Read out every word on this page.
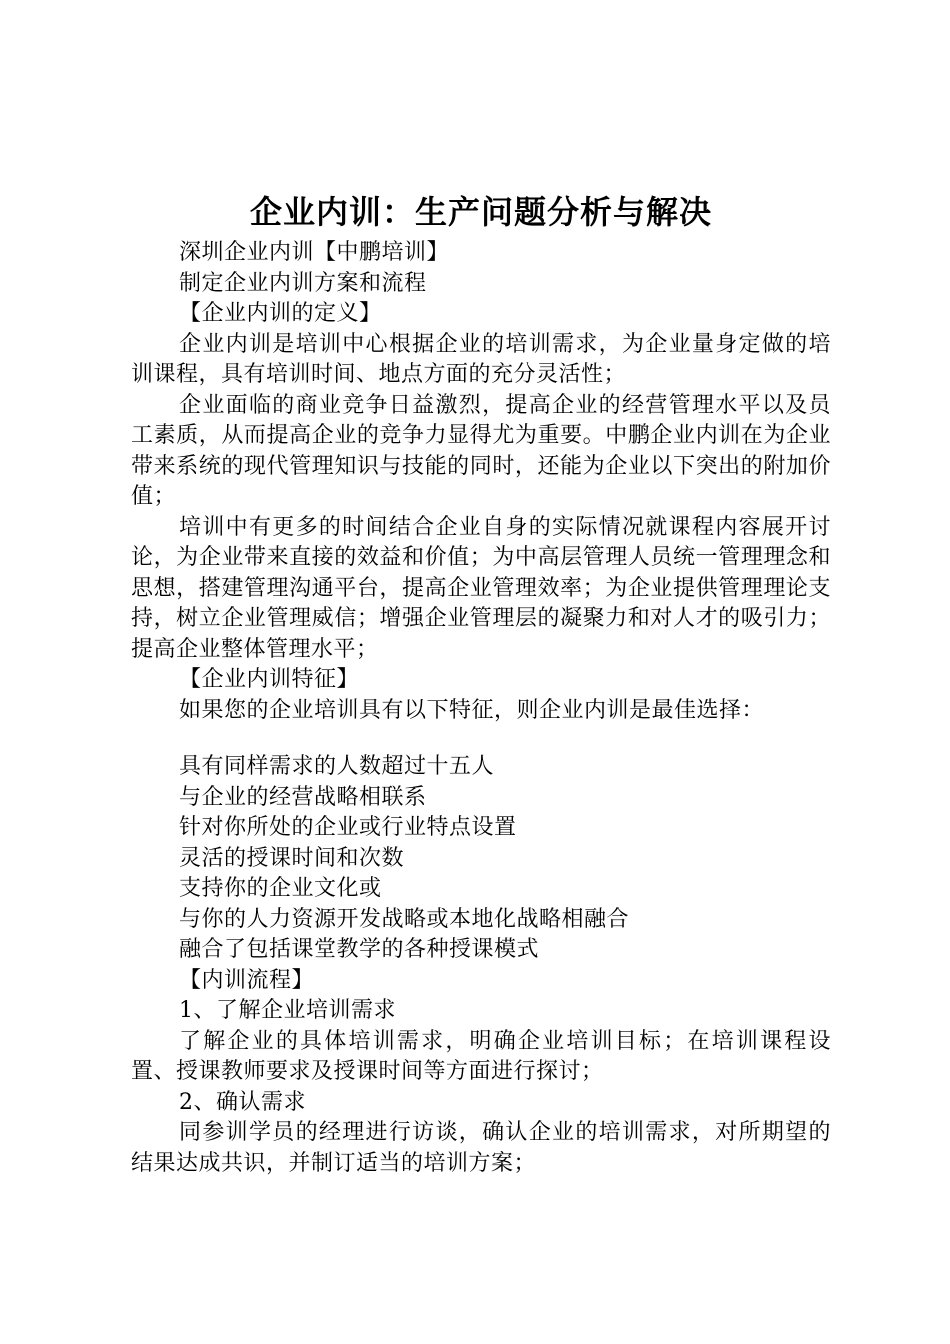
企业内训：生产问题分析与解决

深圳企业内训【中鹏培训】

制定企业内训方案和流程

【企业内训的定义】

企业内训是培训中心根据企业的培训需求，为企业量身定做的培训课程，具有培训时间、地点方面的充分灵活性；

企业面临的商业竞争日益激烈，提高企业的经营管理水平以及员工素质，从而提高企业的竞争力显得尤为重要。中鹏企业内训在为企业带来系统的现代管理知识与技能的同时，还能为企业以下突出的附加价值；

培训中有更多的时间结合企业自身的实际情况就课程内容展开讨论，为企业带来直接的效益和价值；为中高层管理人员统一管理理念和思想，搭建管理沟通平台，提高企业管理效率；为企业提供管理理论支持，树立企业管理威信；增强企业管理层的凝聚力和对人才的吸引力；提高企业整体管理水平；

【企业内训特征】

如果您的企业培训具有以下特征，则企业内训是最佳选择：

具有同样需求的人数超过十五人

与企业的经营战略相联系

针对你所处的企业或行业特点设置

灵活的授课时间和次数

支持你的企业文化或

与你的人力资源开发战略或本地化战略相融合

融合了包括课堂教学的各种授课模式

【内训流程】

1、了解企业培训需求

了解企业的具体培训需求，明确企业培训目标；在培训课程设置、授课教师要求及授课时间等方面进行探讨；

2、确认需求

同参训学员的经理进行访谈，确认企业的培训需求，对所期望的结果达成共识，并制订适当的培训方案；
